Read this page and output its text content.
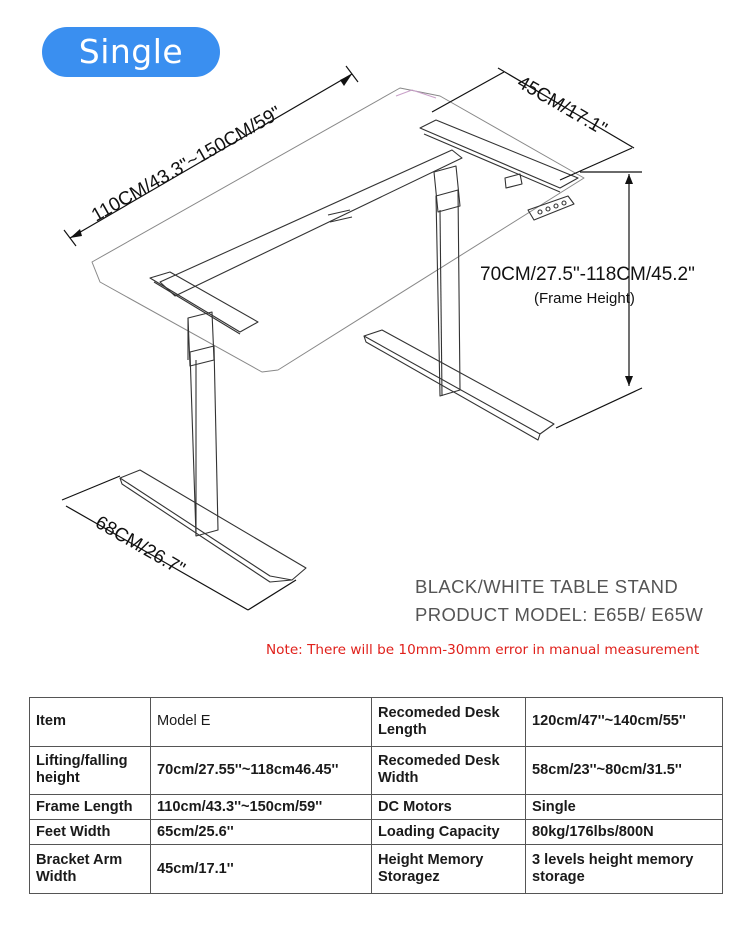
Single
110CM/43.3"~150CM/59"	45CM/17.1"
70CM/27.5"-118CM/45.2"
(Frame Height)
68CM/26.7"
BLACK/WHITE TABLE STAND
PRODUCT MODEL: E65B/ E65W
Note: There will be 10mm-30mm error in manual measurement
Item	Model E	Recomeded Desk Length	120cm/47''~140cm/55''
Lifting/falling height	70cm/27.55''~118cm46.45''	Recomeded Desk Width	58cm/23''~80cm/31.5''
Frame Length	110cm/43.3''~150cm/59''	DC Motors	Single
Feet Width	65cm/25.6''	Loading Capacity	80kg/176lbs/800N
Bracket Arm Width	45cm/17.1''	Height Memory Storagez	3 levels height memory storage
